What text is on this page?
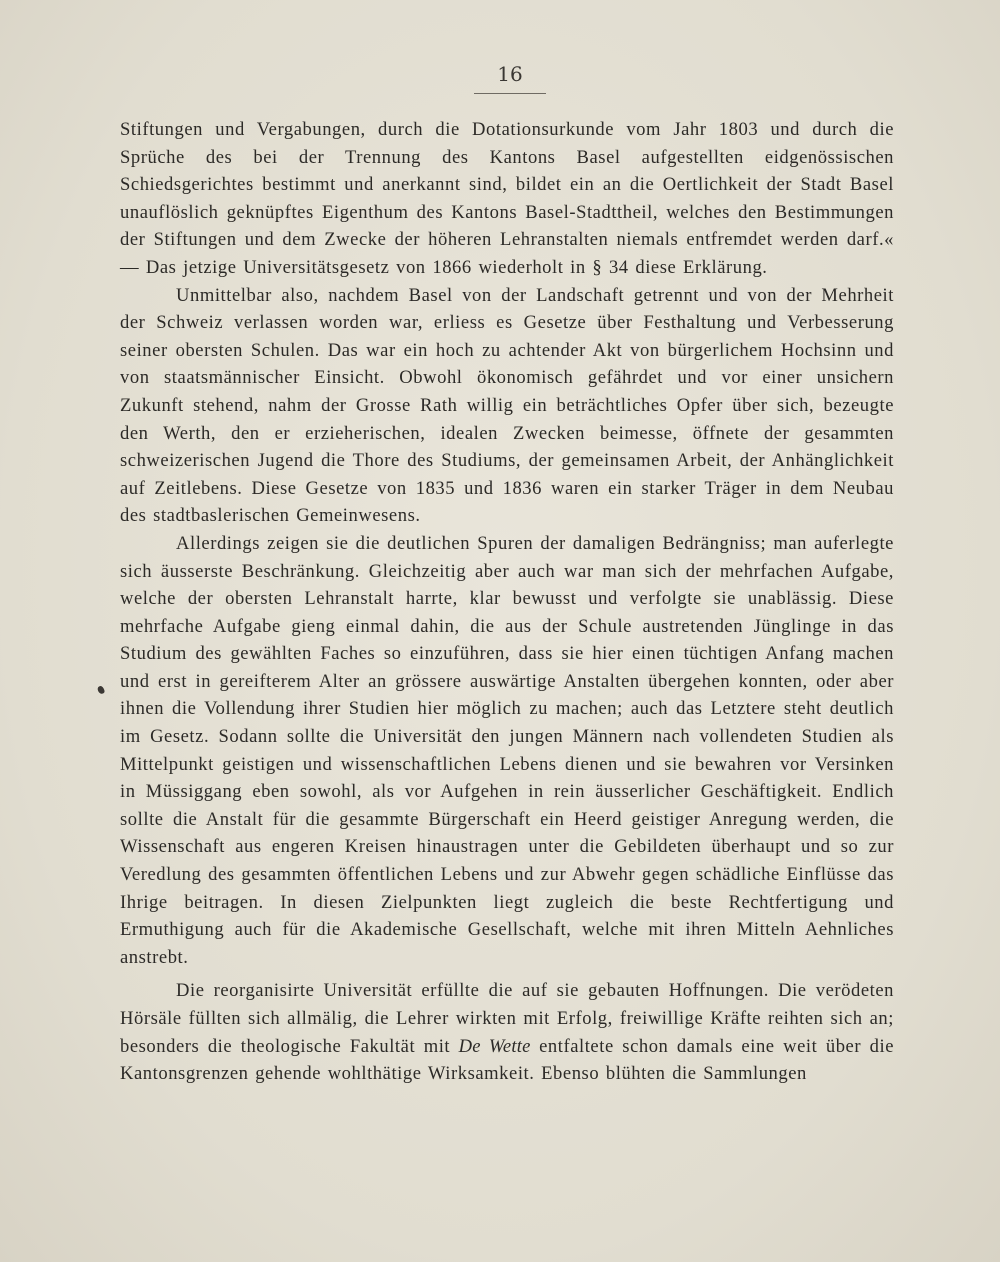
16

Stiftungen und Vergabungen, durch die Dotationsurkunde vom Jahr 1803 und durch die Sprüche des bei der Trennung des Kantons Basel aufgestellten eidgenössischen Schiedsgerichtes bestimmt und anerkannt sind, bildet ein an die Oertlichkeit der Stadt Basel unauflöslich geknüpftes Eigenthum des Kantons Basel-Stadttheil, welches den Bestimmungen der Stiftungen und dem Zwecke der höheren Lehranstalten niemals entfremdet werden darf.« — Das jetzige Universitätsgesetz von 1866 wiederholt in § 34 diese Erklärung.

Unmittelbar also, nachdem Basel von der Landschaft getrennt und von der Mehrheit der Schweiz verlassen worden war, erliess es Gesetze über Festhaltung und Verbesserung seiner obersten Schulen. Das war ein hoch zu achtender Akt von bürgerlichem Hochsinn und von staatsmännischer Einsicht. Obwohl ökonomisch gefährdet und vor einer unsichern Zukunft stehend, nahm der Grosse Rath willig ein beträchtliches Opfer über sich, bezeugte den Werth, den er erzieherischen, idealen Zwecken beimesse, öffnete der gesammten schweizerischen Jugend die Thore des Studiums, der gemeinsamen Arbeit, der Anhänglichkeit auf Zeitlebens. Diese Gesetze von 1835 und 1836 waren ein starker Träger in dem Neubau des stadtbaslerischen Gemeinwesens.

Allerdings zeigen sie die deutlichen Spuren der damaligen Bedrängniss; man auferlegte sich äusserste Beschränkung. Gleichzeitig aber auch war man sich der mehrfachen Aufgabe, welche der obersten Lehranstalt harrte, klar bewusst und verfolgte sie unablässig. Diese mehrfache Aufgabe gieng einmal dahin, die aus der Schule austretenden Jünglinge in das Studium des gewählten Faches so einzuführen, dass sie hier einen tüchtigen Anfang machen und erst in gereifterem Alter an grössere auswärtige Anstalten übergehen konnten, oder aber ihnen die Vollendung ihrer Studien hier möglich zu machen; auch das Letztere steht deutlich im Gesetz. Sodann sollte die Universität den jungen Männern nach vollendeten Studien als Mittelpunkt geistigen und wissenschaftlichen Lebens dienen und sie bewahren vor Versinken in Müssiggang eben sowohl, als vor Aufgehen in rein äusserlicher Geschäftigkeit. Endlich sollte die Anstalt für die gesammte Bürgerschaft ein Heerd geistiger Anregung werden, die Wissenschaft aus engeren Kreisen hinaustragen unter die Gebildeten überhaupt und so zur Veredlung des gesammten öffentlichen Lebens und zur Abwehr gegen schädliche Einflüsse das Ihrige beitragen. In diesen Zielpunkten liegt zugleich die beste Rechtfertigung und Ermuthigung auch für die Akademische Gesellschaft, welche mit ihren Mitteln Aehnliches anstrebt.

Die reorganisirte Universität erfüllte die auf sie gebauten Hoffnungen. Die verödeten Hörsäle füllten sich allmälig, die Lehrer wirkten mit Erfolg, freiwillige Kräfte reihten sich an; besonders die theologische Fakultät mit De Wette entfaltete schon damals eine weit über die Kantonsgrenzen gehende wohlthätige Wirksamkeit. Ebenso blühten die Sammlungen
